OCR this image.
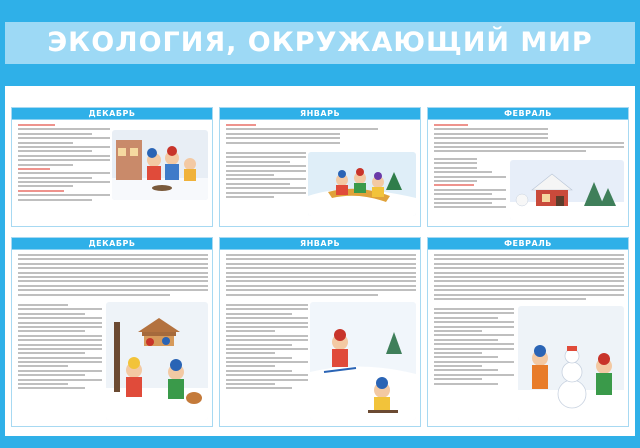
ЭКОЛОГИЯ, ОКРУЖАЮЩИЙ МИР
ДЕКАБРЬ	ЯНВАРЬ	ФЕВРАЛЬ
ДЕКАБРЬ	ЯНВАРЬ	ФЕВРАЛЬ
